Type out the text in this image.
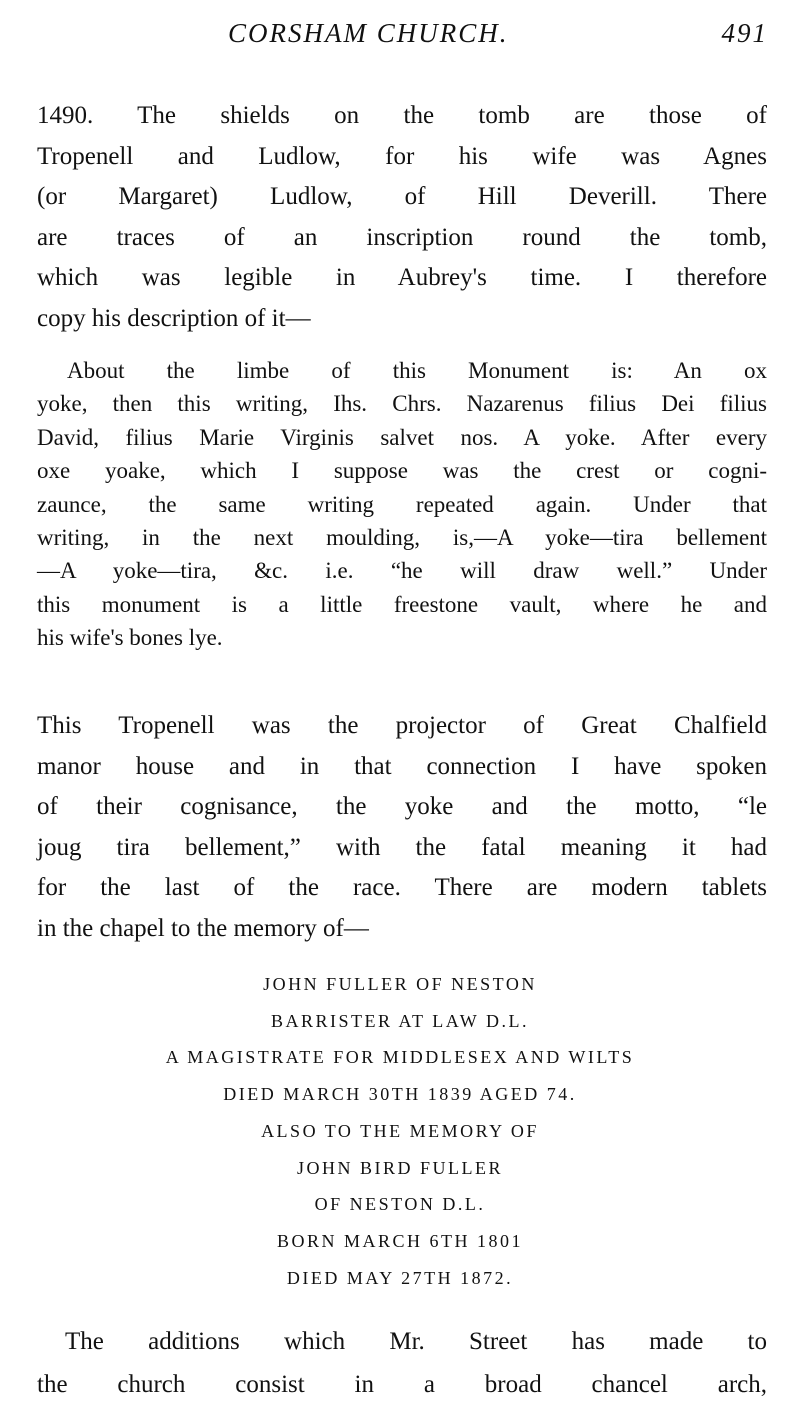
CORSHAM CHURCH.	491
1490. The shields on the tomb are those of
Tropenell and Ludlow, for his wife was Agnes
(or Margaret) Ludlow, of Hill Deverill. There
are traces of an inscription round the tomb,
which was legible in Aubrey's time. I therefore
copy his description of it—
About the limbe of this Monument is: An ox
yoke, then this writing, Ihs. Chrs. Nazarenus filius Dei filius
David, filius Marie Virginis salvet nos. A yoke. After every
oxe yoake, which I suppose was the crest or cogni-
zaunce, the same writing repeated again. Under that
writing, in the next moulding, is,—A yoke—tira bellement
—A yoke—tira, &c. i.e. “he will draw well.” Under
this monument is a little freestone vault, where he and
his wife's bones lye.
This Tropenell was the projector of Great Chalfield
manor house and in that connection I have spoken
of their cognisance, the yoke and the motto, “le
joug tira bellement,” with the fatal meaning it had
for the last of the race. There are modern tablets
in the chapel to the memory of—
JOHN FULLER OF NESTON
BARRISTER AT LAW D.L.
A MAGISTRATE FOR MIDDLESEX AND WILTS
DIED MARCH 30TH 1839 AGED 74.
ALSO TO THE MEMORY OF
JOHN BIRD FULLER
OF NESTON D.L.
BORN MARCH 6TH 1801
DIED MAY 27TH 1872.
The additions which Mr. Street has made to
the church consist in a broad chancel arch,
